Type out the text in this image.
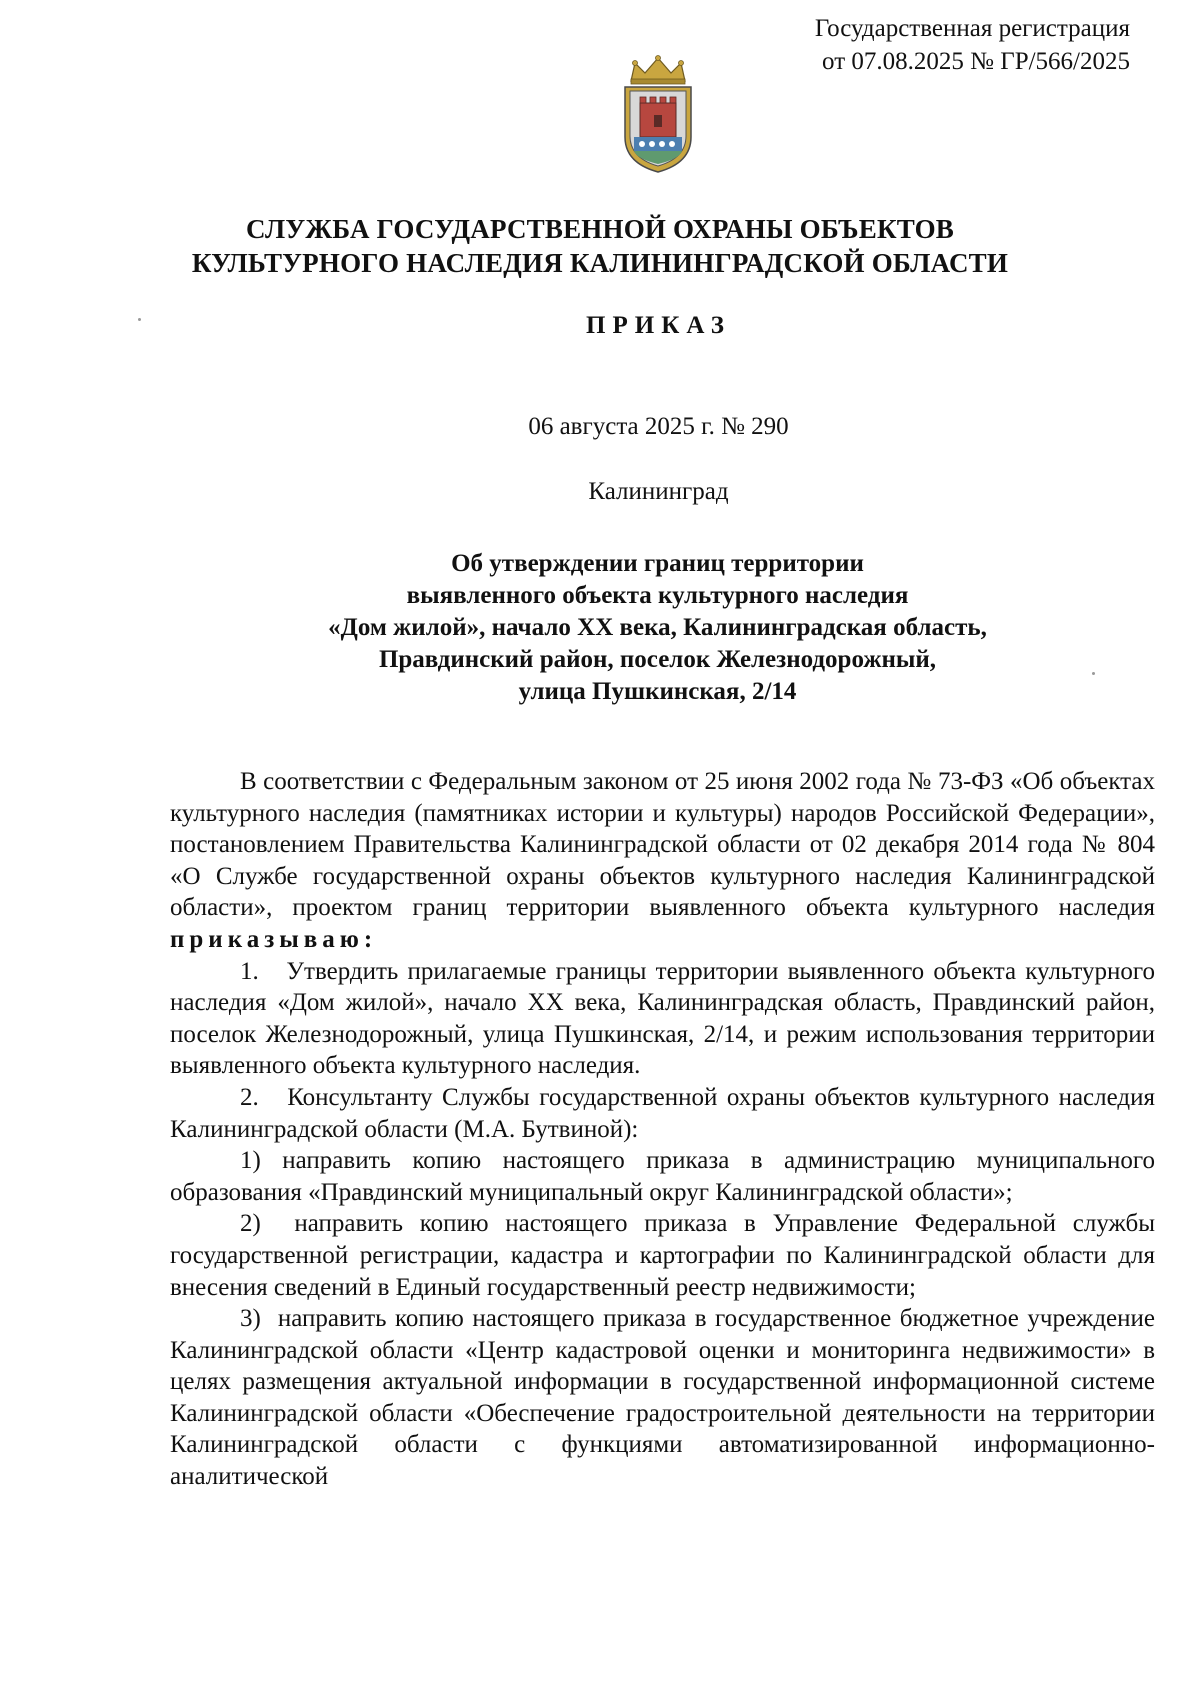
Государственная регистрация
от 07.08.2025 № ГР/566/2025
СЛУЖБА ГОСУДАРСТВЕННОЙ ОХРАНЫ ОБЪЕКТОВ
КУЛЬТУРНОГО НАСЛЕДИЯ КАЛИНИНГРАДСКОЙ ОБЛАСТИ
ПРИКАЗ
06 августа 2025 г. № 290
Калининград
Об утверждении границ территории
выявленного объекта культурного наследия
«Дом жилой», начало XX века, Калининградская область,
Правдинский район, поселок Железнодорожный,
улица Пушкинская, 2/14

В соответствии с Федеральным законом от 25 июня 2002 года № 73-ФЗ «Об объектах культурного наследия (памятниках истории и культуры) народов Российской Федерации», постановлением Правительства Калининградской области от 02 декабря 2014 года № 804 «О Службе государственной охраны объектов культурного наследия Калининградской области», проектом границ территории выявленного объекта культурного наследия приказываю:

1.   Утвердить прилагаемые границы территории выявленного объекта культурного наследия «Дом жилой», начало XX века, Калининградская область, Правдинский район, поселок Железнодорожный, улица Пушкинская, 2/14, и режим использования территории выявленного объекта культурного наследия.

2.   Консультанту Службы государственной охраны объектов культурного наследия Калининградской области (М.А. Бутвиной):

1) направить копию настоящего приказа в администрацию муниципального образования «Правдинский муниципальный округ Калининградской области»;

2)  направить копию настоящего приказа в Управление Федеральной службы государственной регистрации, кадастра и картографии по Калининградской области для внесения сведений в Единый государственный реестр недвижимости;

3)  направить копию настоящего приказа в государственное бюджетное учреждение Калининградской области «Центр кадастровой оценки и мониторинга недвижимости» в целях размещения актуальной информации в государственной информационной системе Калининградской области «Обеспечение градостроительной деятельности на территории Калининградской области с функциями автоматизированной информационно-аналитической
